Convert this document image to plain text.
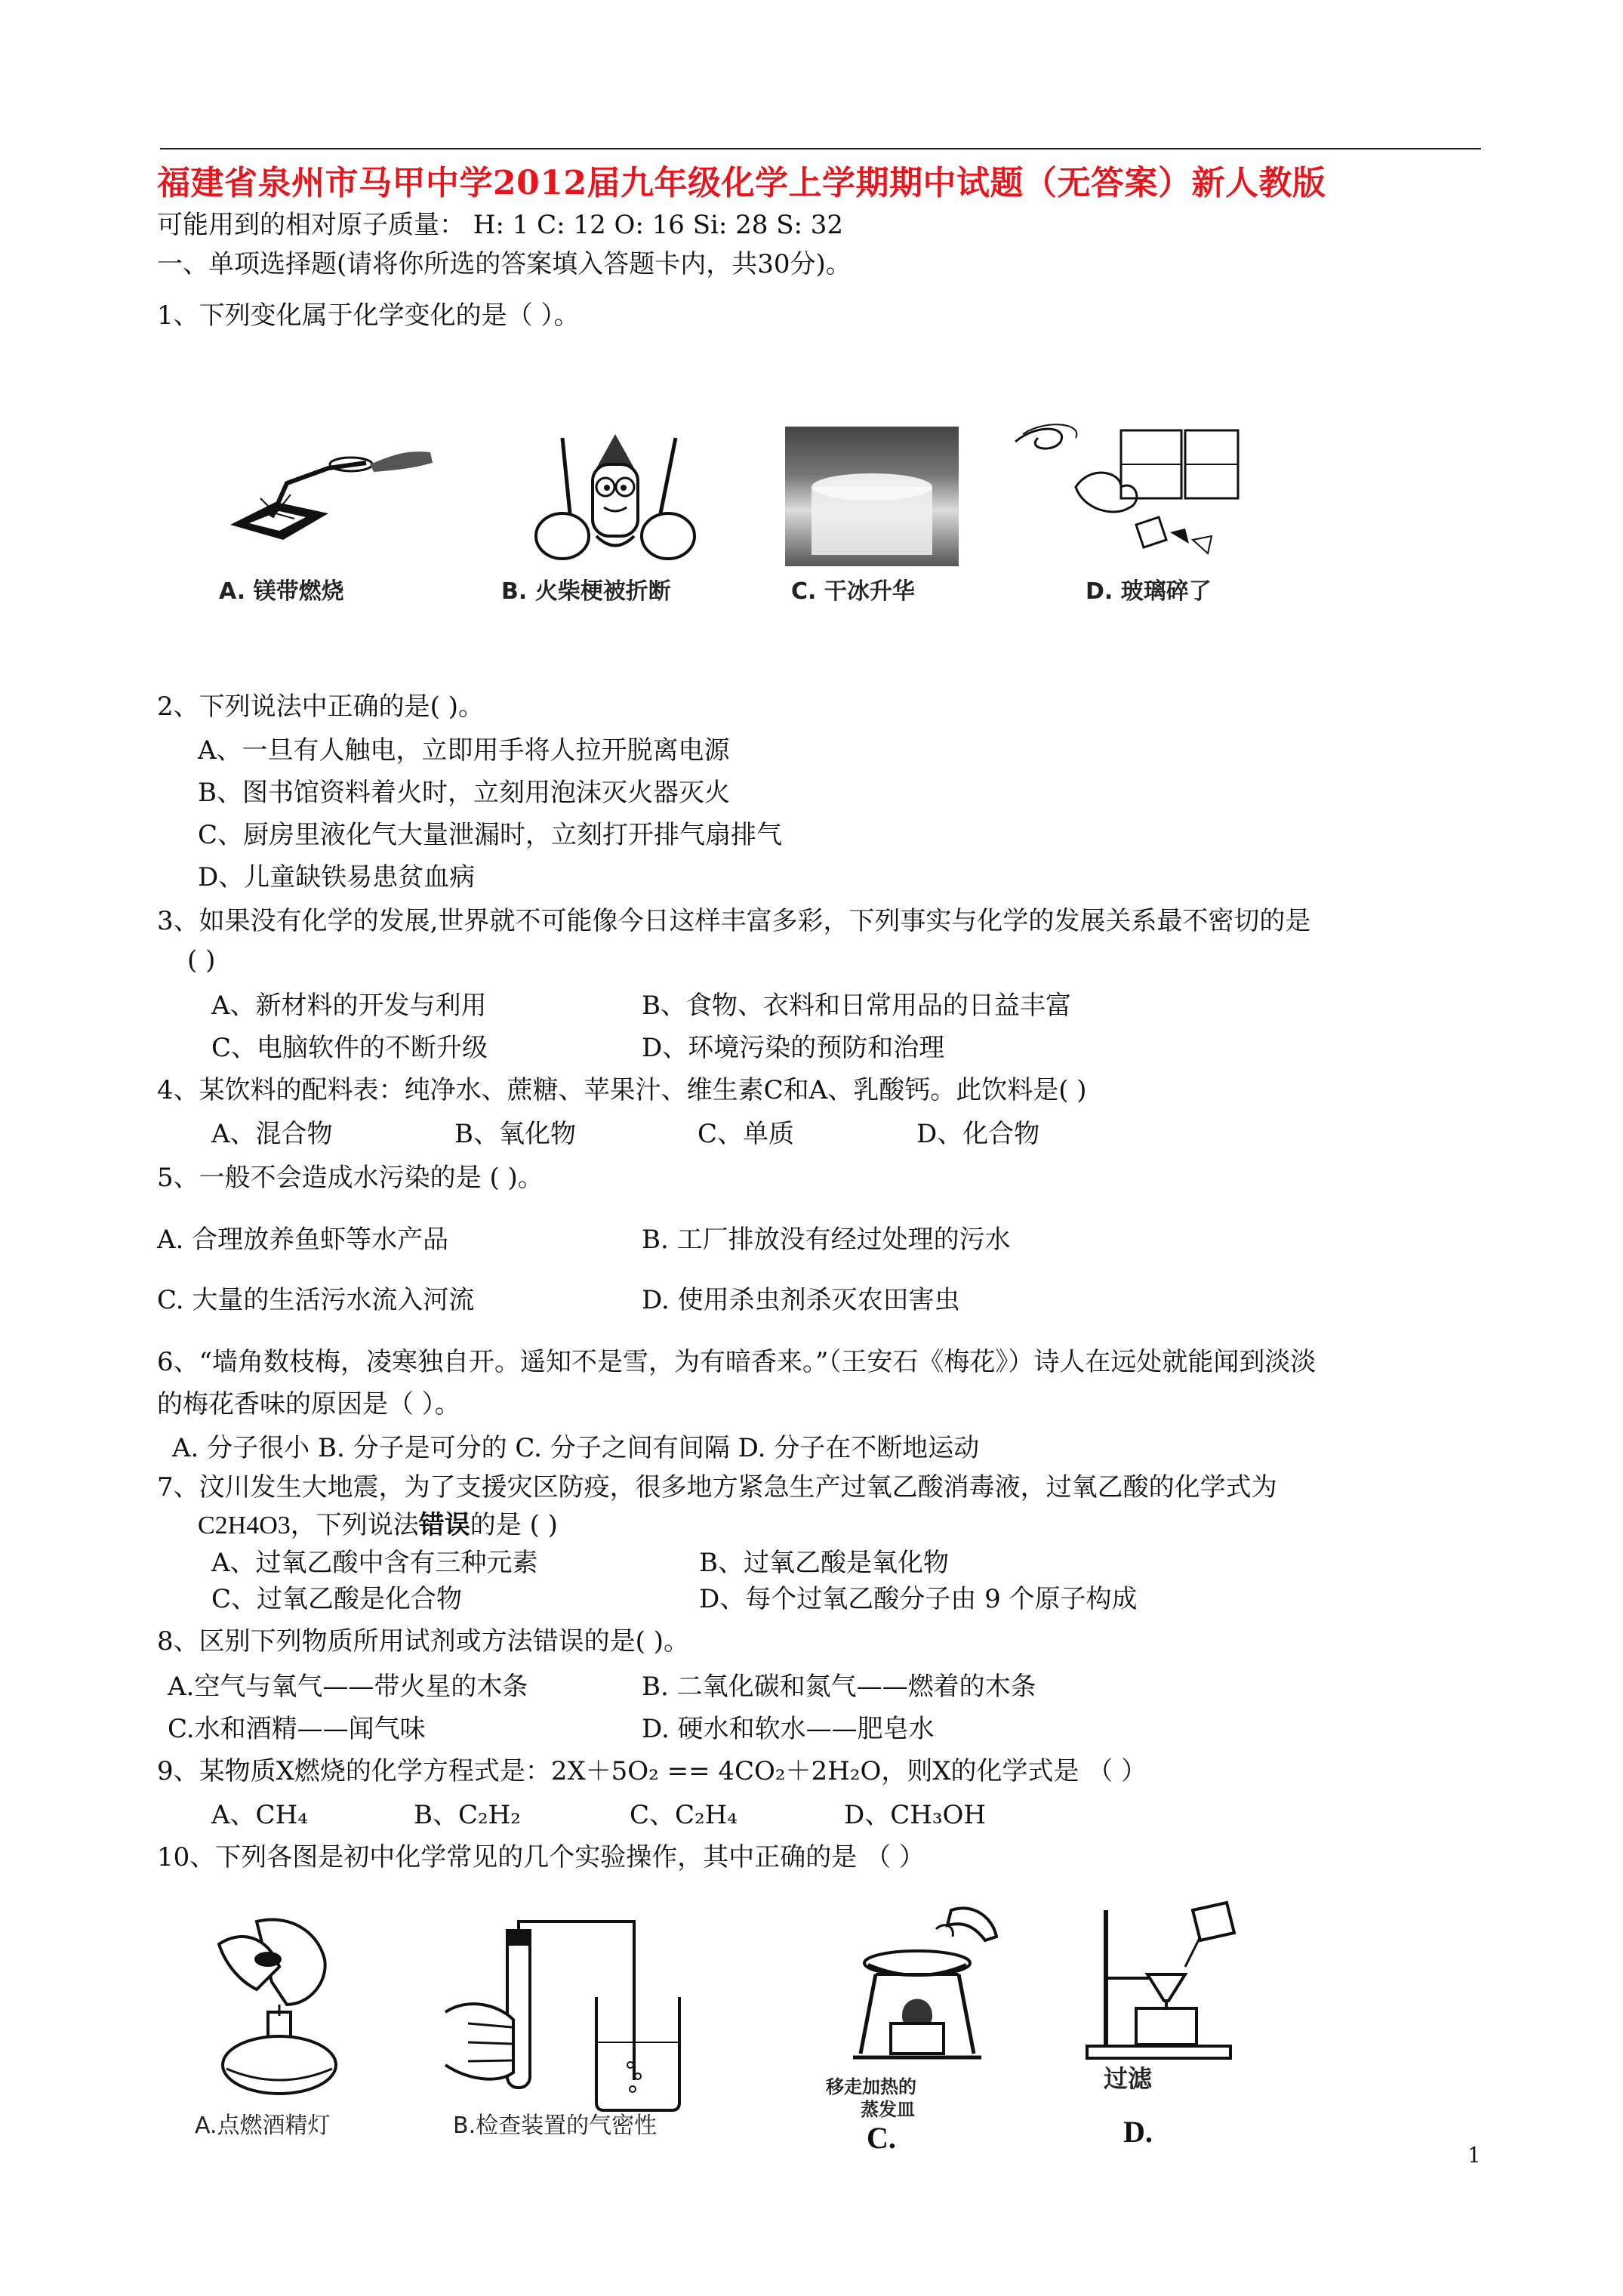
福建省泉州市马甲中学2012届九年级化学上学期期中试题（无答案）新人教版
可能用到的相对原子质量： H: 1 C: 12 O: 16 Si: 28 S: 32
一、单项选择题(请将你所选的答案填入答题卡内，共30分)。
1、下列变化属于化学变化的是（ ）。
A. 镁带燃烧	B. 火柴梗被折断	C. 干冰升华	D. 玻璃碎了
2、下列说法中正确的是( )。
A、一旦有人触电，立即用手将人拉开脱离电源
B、图书馆资料着火时，立刻用泡沫灭火器灭火
C、厨房里液化气大量泄漏时，立刻打开排气扇排气
D、儿童缺铁易患贫血病
3、如果没有化学的发展,世界就不可能像今日这样丰富多彩，下列事实与化学的发展关系最不密切的是
( )
A、新材料的开发与利用	B、食物、衣料和日常用品的日益丰富
C、电脑软件的不断升级	D、环境污染的预防和治理
4、某饮料的配料表：纯净水、蔗糖、苹果汁、维生素C和A、乳酸钙。此饮料是( )
A、混合物	B、氧化物	C、单质	D、化合物
5、一般不会造成水污染的是 ( )。
A. 合理放养鱼虾等水产品	B. 工厂排放没有经过处理的污水
C. 大量的生活污水流入河流	D. 使用杀虫剂杀灭农田害虫
6、“墙角数枝梅，凌寒独自开。遥知不是雪，为有暗香来。”（王安石《梅花》）诗人在远处就能闻到淡淡
的梅花香味的原因是（ ）。
A. 分子很小 B. 分子是可分的 C. 分子之间有间隔 D. 分子在不断地运动
7、汶川发生大地震，为了支援灾区防疫，很多地方紧急生产过氧乙酸消毒液，过氧乙酸的化学式为
C2H4O3，下列说法错误的是 ( )
A、过氧乙酸中含有三种元素	B、过氧乙酸是氧化物
C、过氧乙酸是化合物	D、每个过氧乙酸分子由 9 个原子构成
8、区别下列物质所用试剂或方法错误的是( )。
A.空气与氧气——带火星的木条	B. 二氧化碳和氮气——燃着的木条
C.水和酒精——闻气味	D. 硬水和软水——肥皂水
9、某物质X燃烧的化学方程式是：2X＋5O₂ == 4CO₂＋2H₂O，则X的化学式是 （ ）
A、CH₄	B、C₂H₂	C、C₂H₄	D、CH₃OH
10、下列各图是初中化学常见的几个实验操作，其中正确的是 （ ）
A.点燃酒精灯	B.检查装置的气密性
移走加热的
蒸发皿
C.
过滤
D.
1
